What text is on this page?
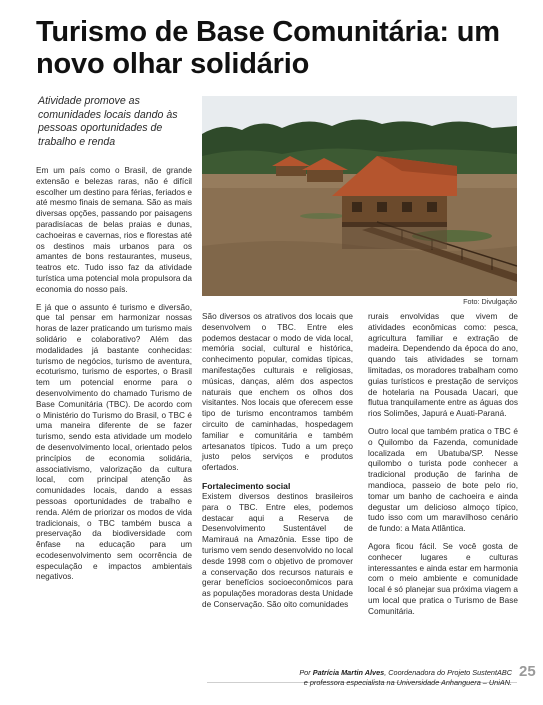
Turismo de Base Comunitária: um novo olhar solidário

Atividade promove as comunidades locais dando às pessoas oportunidades de trabalho e renda

Foto: Divulgação

Em um país como o Brasil, de grande extensão e belezas raras, não é difícil escolher um destino para férias, feriados e até mesmo finais de semana. São as mais diversas opções, passando por paisagens paradisíacas de belas praias e dunas, cachoeiras e cavernas, rios e florestas até os destinos mais urbanos para os amantes de bons restaurantes, museus, teatros etc. Tudo isso faz da atividade turística uma potencial mola propulsora da economia do nosso país.

E já que o assunto é turismo e diversão, que tal pensar em harmonizar nossas horas de lazer praticando um turismo mais solidário e colaborativo? Além das modalidades já bastante conhecidas: turismo de negócios, turismo de aventura, ecoturismo, turismo de esportes, o Brasil tem um potencial enorme para o desenvolvimento do chamado Turismo de Base Comunitária (TBC). De acordo com o Ministério do Turismo do Brasil, o TBC é uma maneira diferente de se fazer turismo, sendo esta atividade um modelo de desenvolvimento local, orientado pelos princípios de economia solidária, associativismo, valorização da cultura local, com principal atenção às comunidades locais, dando a essas pessoas oportunidades de trabalho e renda. Além de priorizar os modos de vida tradicionais, o TBC também busca a preservação da biodiversidade com ênfase na educação para um ecodesenvolvimento sem ocorrência de especulação e impactos ambientais negativos.

São diversos os atrativos dos locais que desenvolvem o TBC. Entre eles podemos destacar o modo de vida local, memória social, cultural e histórica, conhecimento popular, comidas típicas, manifestações culturais e religiosas, músicas, danças, além dos aspectos naturais que enchem os olhos dos visitantes. Nos locais que oferecem esse tipo de turismo encontramos também circuito de caminhadas, hospedagem familiar e comunitária e também artesanatos típicos. Tudo a um preço justo pelos serviços e produtos ofertados.

Fortalecimento social

Existem diversos destinos brasileiros para o TBC. Entre eles, podemos destacar aqui a Reserva de Desenvolvimento Sustentável de Mamirauá na Amazônia. Esse tipo de turismo vem sendo desenvolvido no local desde 1998 com o objetivo de promover a conservação dos recursos naturais e gerar benefícios socioeconômicos para as populações moradoras desta Unidade de Conservação. São oito comunidades

rurais envolvidas que vivem de atividades econômicas como: pesca, agricultura familiar e extração de madeira. Dependendo da época do ano, quando tais atividades se tornam limitadas, os moradores trabalham como guias turísticos e prestação de serviços de hotelaria na Pousada Uacari, que flutua tranquilamente entre as águas dos rios Solimões, Japurá e Auati-Paraná.

Outro local que também pratica o TBC é o Quilombo da Fazenda, comunidade localizada em Ubatuba/SP. Nesse quilombo o turista pode conhecer a tradicional produção de farinha de mandioca, passeio de bote pelo rio, tomar um banho de cachoeira e ainda degustar um delicioso almoço típico, tudo isso com um maravilhoso cenário de fundo: a Mata Atlântica.

Agora ficou fácil. Se você gosta de conhecer lugares e culturas interessantes e ainda estar em harmonia com o meio ambiente e comunidade local é só planejar sua próxima viagem a um local que pratica o Turismo de Base Comunitária.

Por Patrícia Martin Alves, Coordenadora do Projeto SustentABC
e professora especialista na Universidade Anhanguera – UniAN.
25
